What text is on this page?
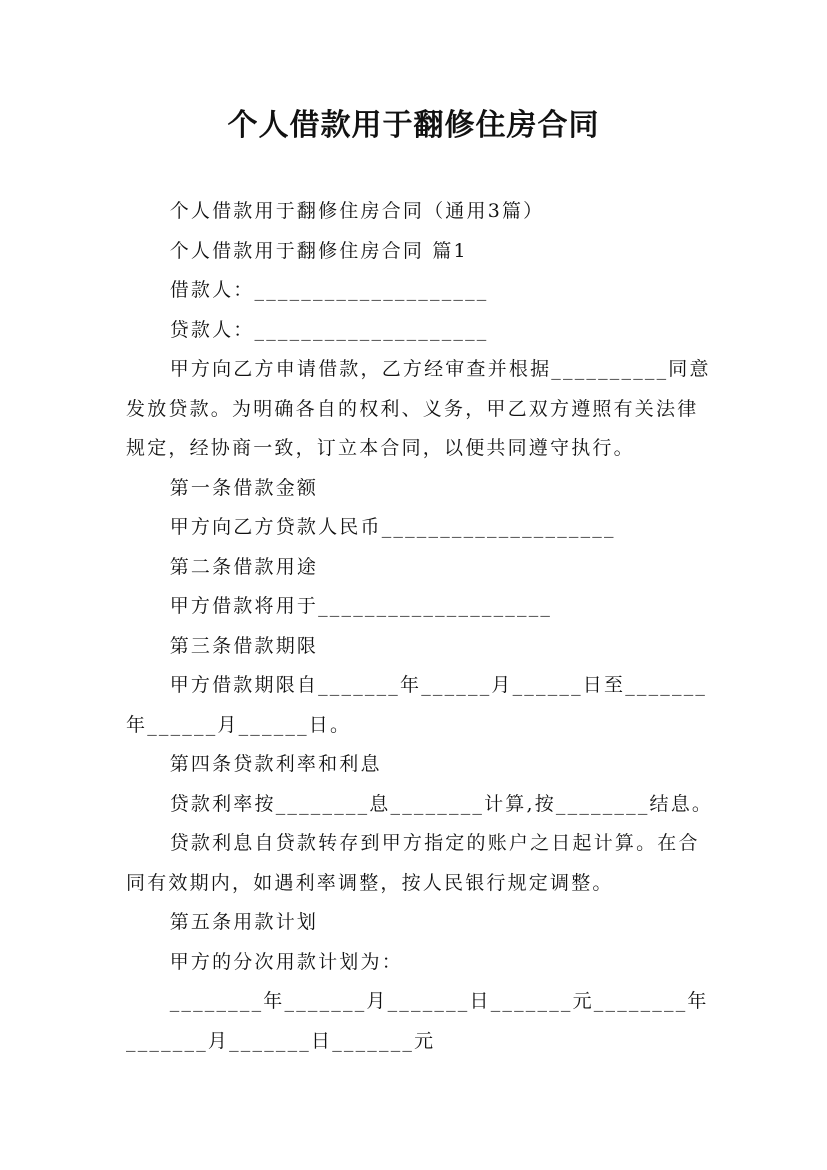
个人借款用于翻修住房合同

个人借款用于翻修住房合同（通用3篇）

个人借款用于翻修住房合同 篇1

借款人：____________________

贷款人：____________________

甲方向乙方申请借款，乙方经审查并根据__________同意发放贷款。为明确各自的权利、义务，甲乙双方遵照有关法律规定，经协商一致，订立本合同，以便共同遵守执行。

第一条借款金额

甲方向乙方贷款人民币____________________

第二条借款用途

甲方借款将用于____________________

第三条借款期限

甲方借款期限自_______年______月______日至_______年______月______日。

第四条贷款利率和利息

贷款利率按________息________计算,按________结息。

贷款利息自贷款转存到甲方指定的账户之日起计算。在合同有效期内，如遇利率调整，按人民银行规定调整。

第五条用款计划

甲方的分次用款计划为：

________年_______月_______日_______元________年_______月_______日_______元
